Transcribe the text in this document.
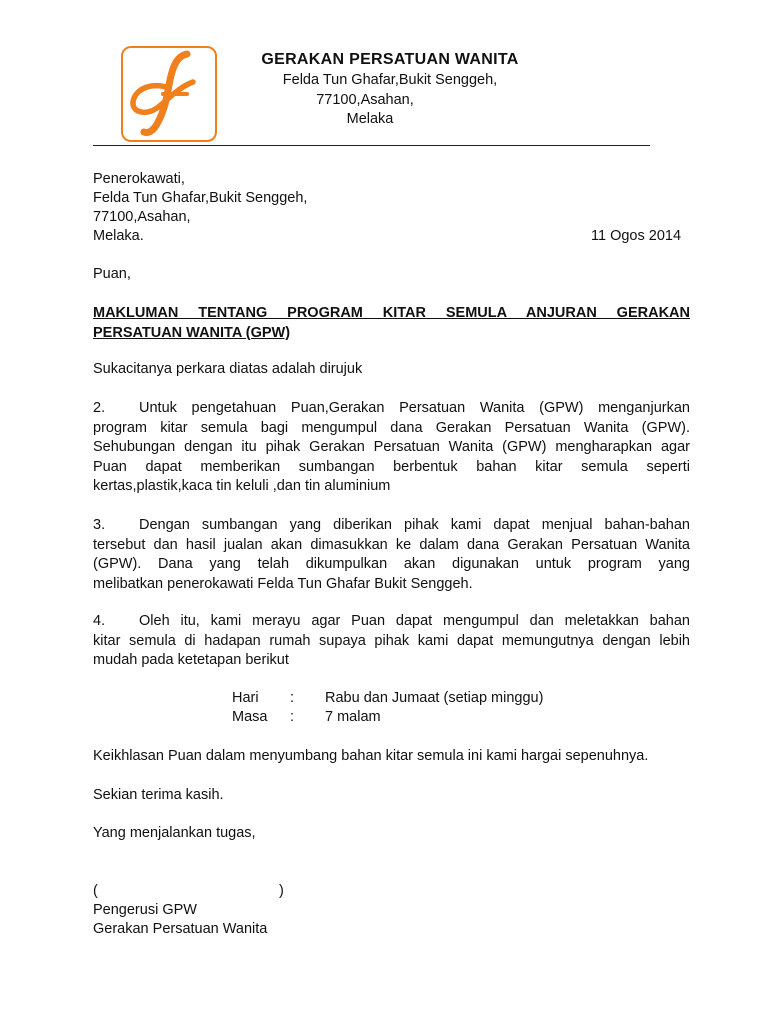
GERAKAN PERSATUAN WANITA
Felda Tun Ghafar,Bukit Senggeh,
77100,Asahan,
Melaka
Penerokawati,
Felda Tun Ghafar,Bukit Senggeh,
77100,Asahan,
Melaka.	11 Ogos 2014
Puan,
MAKLUMAN TENTANG PROGRAM KITAR SEMULA ANJURAN GERAKAN
PERSATUAN WANITA (GPW)
Sukacitanya perkara diatas adalah dirujuk
2. Untuk pengetahuan Puan,Gerakan Persatuan Wanita (GPW) menganjurkan
program kitar semula bagi mengumpul dana Gerakan Persatuan Wanita (GPW).
Sehubungan dengan itu pihak Gerakan Persatuan Wanita (GPW) mengharapkan agar
Puan dapat memberikan sumbangan berbentuk bahan kitar semula seperti
kertas,plastik,kaca tin keluli ,dan tin aluminium
3. Dengan sumbangan yang diberikan pihak kami dapat menjual bahan-bahan
tersebut dan hasil jualan akan dimasukkan ke dalam dana Gerakan Persatuan Wanita
(GPW). Dana yang telah dikumpulkan akan digunakan untuk program yang
melibatkan penerokawati Felda Tun Ghafar Bukit Senggeh.
4. Oleh itu, kami merayu agar Puan dapat mengumpul dan meletakkan bahan
kitar semula di hadapan rumah supaya pihak kami dapat memungutnya dengan lebih
mudah pada ketetapan berikut
Hari : Rabu dan Jumaat (setiap minggu)
Masa : 7 malam
Keikhlasan Puan dalam menyumbang bahan kitar semula ini kami hargai sepenuhnya.
Sekian terima kasih.
Yang menjalankan tugas,
(	)
Pengerusi GPW
Gerakan Persatuan Wanita
